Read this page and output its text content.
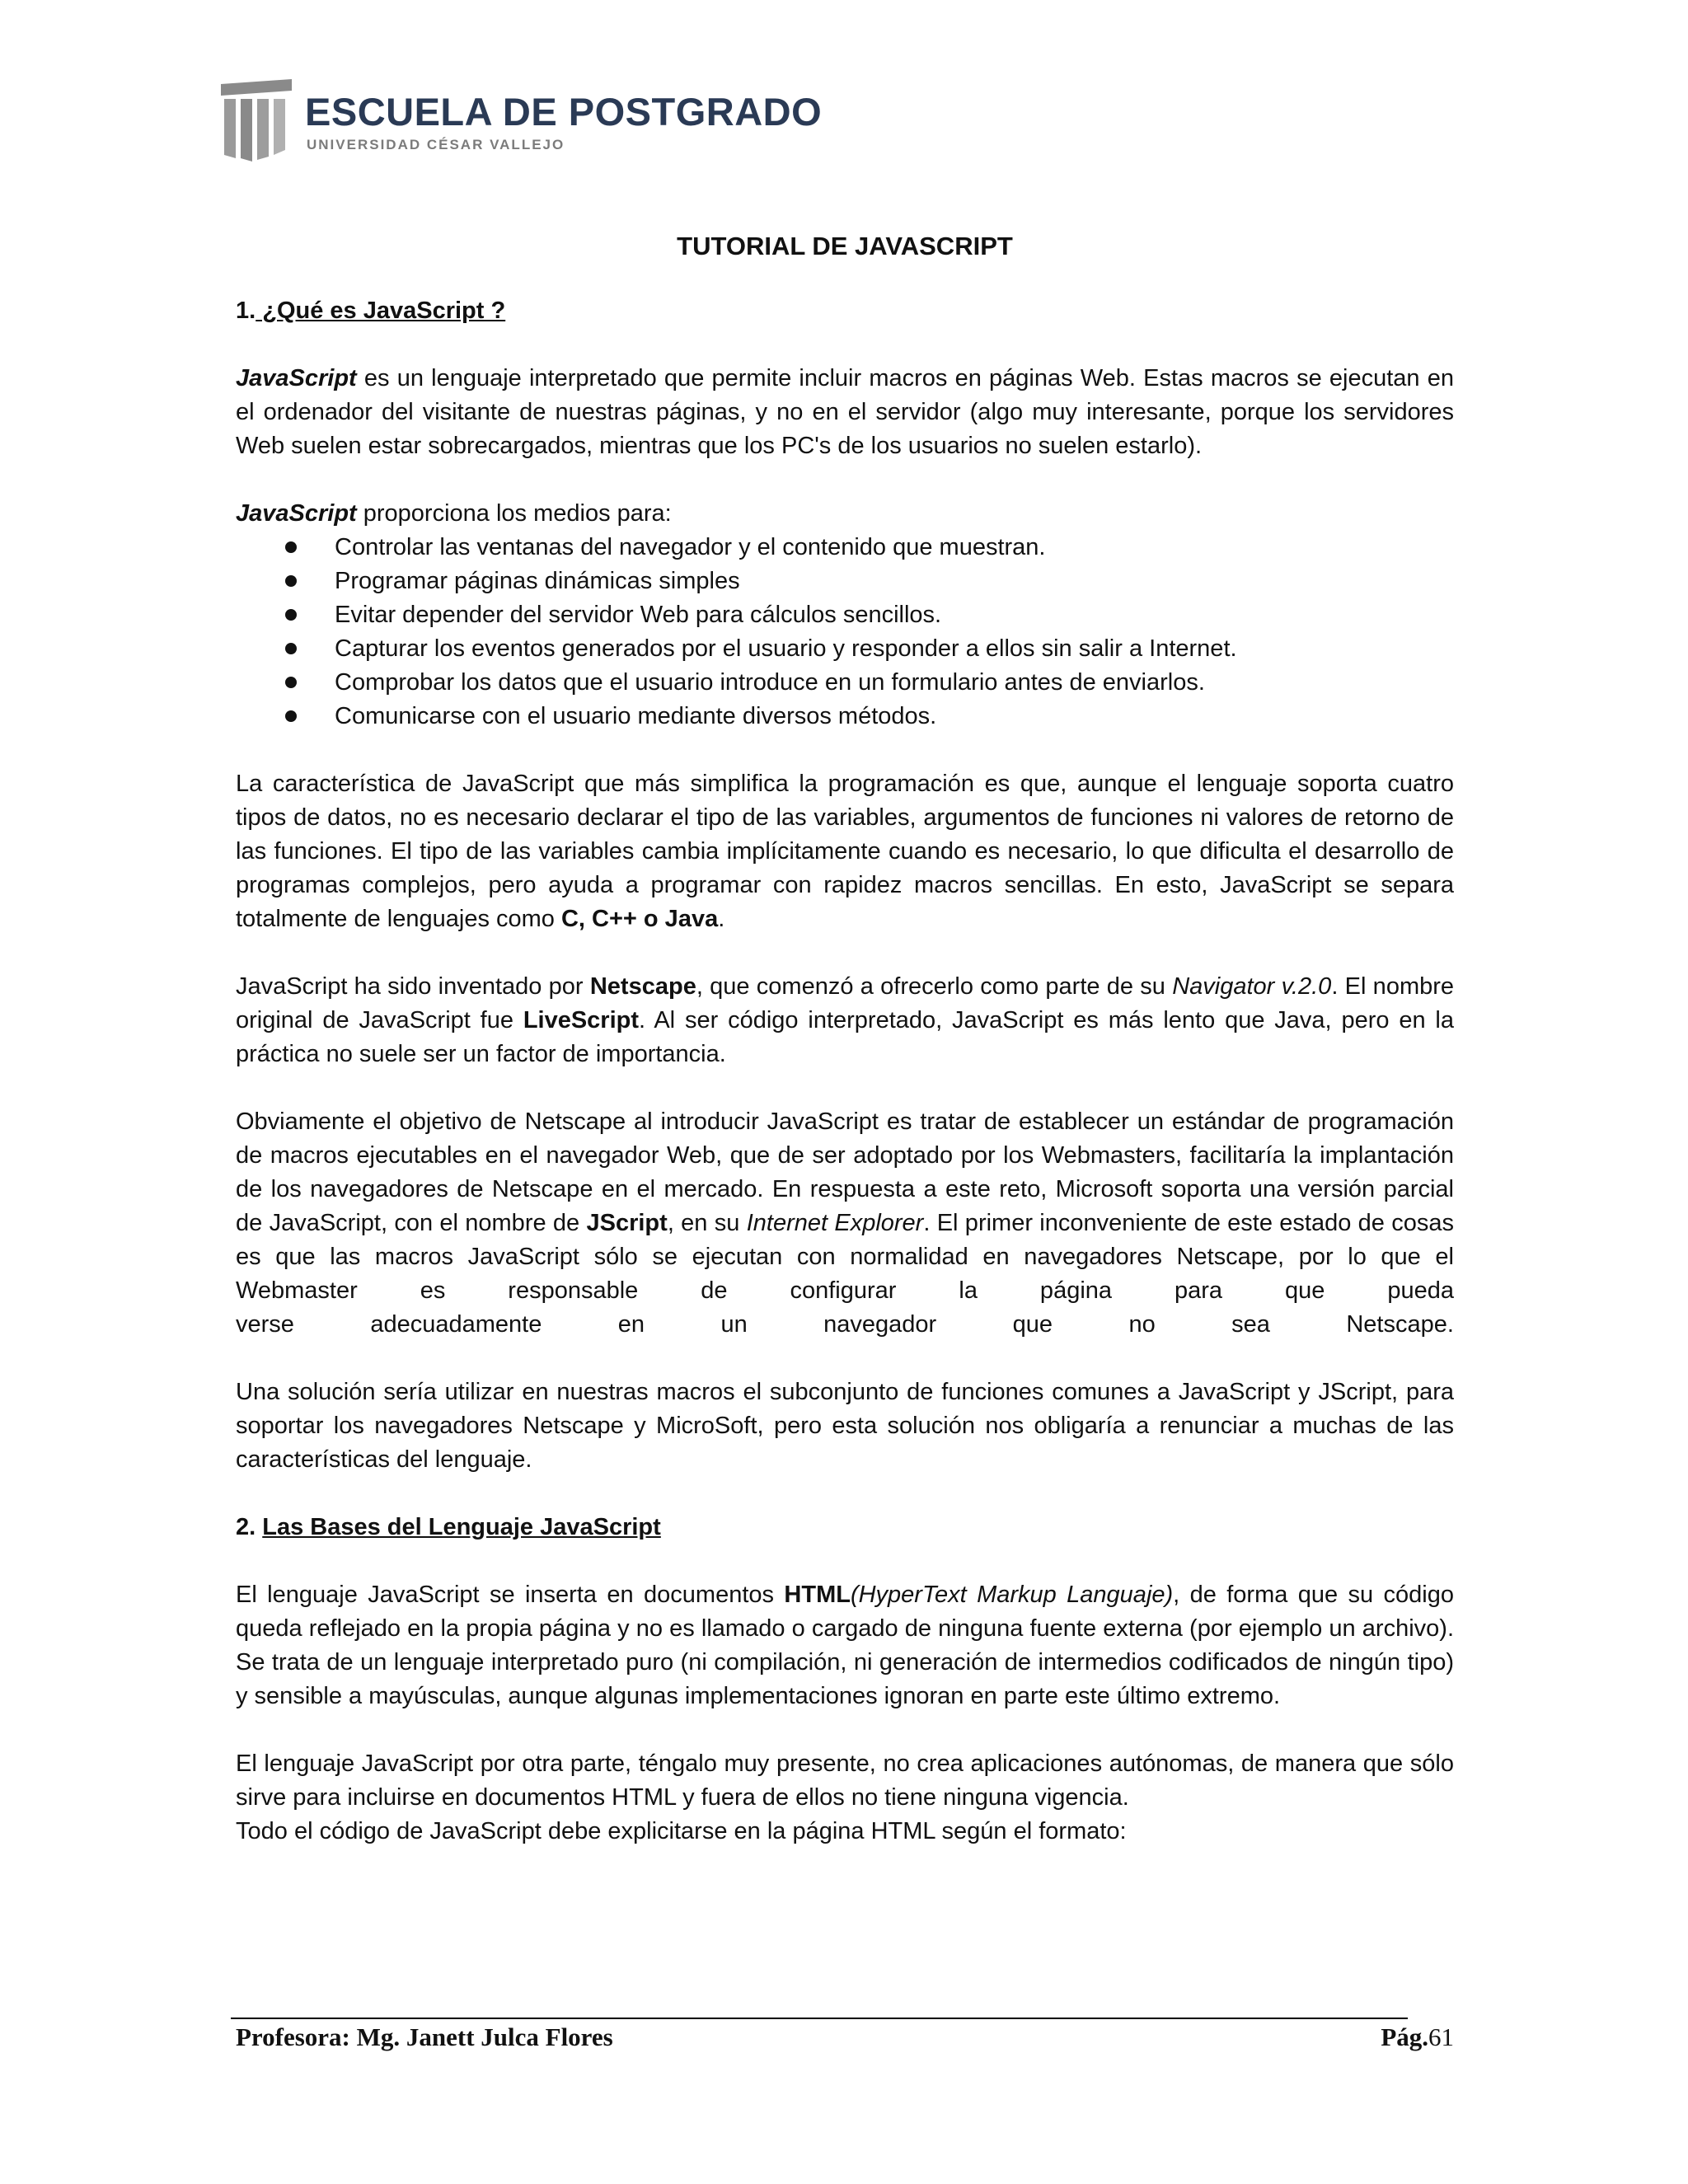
ESCUELA DE POSTGRADO
UNIVERSIDAD CÉSAR VALLEJO
TUTORIAL DE JAVASCRIPT
1. ¿Qué es JavaScript ?

JavaScript es un lenguaje interpretado que permite incluir macros en páginas Web. Estas macros se ejecutan en el ordenador del visitante de nuestras páginas, y no en el servidor (algo muy interesante, porque los servidores Web suelen estar sobrecargados, mientras que los PC's de los usuarios no suelen estarlo).

JavaScript proporciona los medios para:

Controlar las ventanas del navegador y el contenido que muestran.
Programar páginas dinámicas simples
Evitar depender del servidor Web para cálculos sencillos.
Capturar los eventos generados por el usuario y responder a ellos sin salir a Internet.
Comprobar los datos que el usuario introduce en un formulario antes de enviarlos.
Comunicarse con el usuario mediante diversos métodos.

La característica de JavaScript que más simplifica la programación es que, aunque el lenguaje soporta cuatro tipos de datos, no es necesario declarar el tipo de las variables, argumentos de funciones ni valores de retorno de las funciones. El tipo de las variables cambia implícitamente cuando es necesario, lo que dificulta el desarrollo de programas complejos, pero ayuda a programar con rapidez macros sencillas. En esto, JavaScript se separa totalmente de lenguajes como C, C++ o Java.

JavaScript ha sido inventado por Netscape, que comenzó a ofrecerlo como parte de su Navigator v.2.0. El nombre original de JavaScript fue LiveScript. Al ser código interpretado, JavaScript es más lento que Java, pero en la práctica no suele ser un factor de importancia.

Obviamente el objetivo de Netscape al introducir JavaScript es tratar de establecer un estándar de programación de macros ejecutables en el navegador Web, que de ser adoptado por los Webmasters, facilitaría la implantación de los navegadores de Netscape en el mercado. En respuesta a este reto, Microsoft soporta una versión parcial de JavaScript, con el nombre de JScript, en su Internet Explorer. El primer inconveniente de este estado de cosas es que las macros JavaScript sólo se ejecutan con normalidad en navegadores Netscape, por lo que el Webmaster es responsable de configurar la página para que pueda

verse	adecuadamente	en	un	navegador	que	no	sea	Netscape.

Una solución sería utilizar en nuestras macros el subconjunto de funciones comunes a JavaScript y JScript, para soportar los navegadores Netscape y MicroSoft, pero esta solución nos obligaría a renunciar a muchas de las características del lenguaje.

2. Las Bases del Lenguaje JavaScript

El lenguaje JavaScript se inserta en documentos HTML(HyperText Markup Languaje), de forma que su código queda reflejado en la propia página y no es llamado o cargado de ninguna fuente externa (por ejemplo un archivo). Se trata de un lenguaje interpretado puro (ni compilación, ni generación de intermedios codificados de ningún tipo) y sensible a mayúsculas, aunque algunas implementaciones ignoran en parte este último extremo.

El lenguaje JavaScript por otra parte, téngalo muy presente, no crea aplicaciones autónomas, de manera que sólo sirve para incluirse en documentos HTML y fuera de ellos no tiene ninguna vigencia.

Todo el código de JavaScript debe explicitarse en la página HTML según el formato:

Profesora: Mg. Janett Julca Flores	Pág.61
